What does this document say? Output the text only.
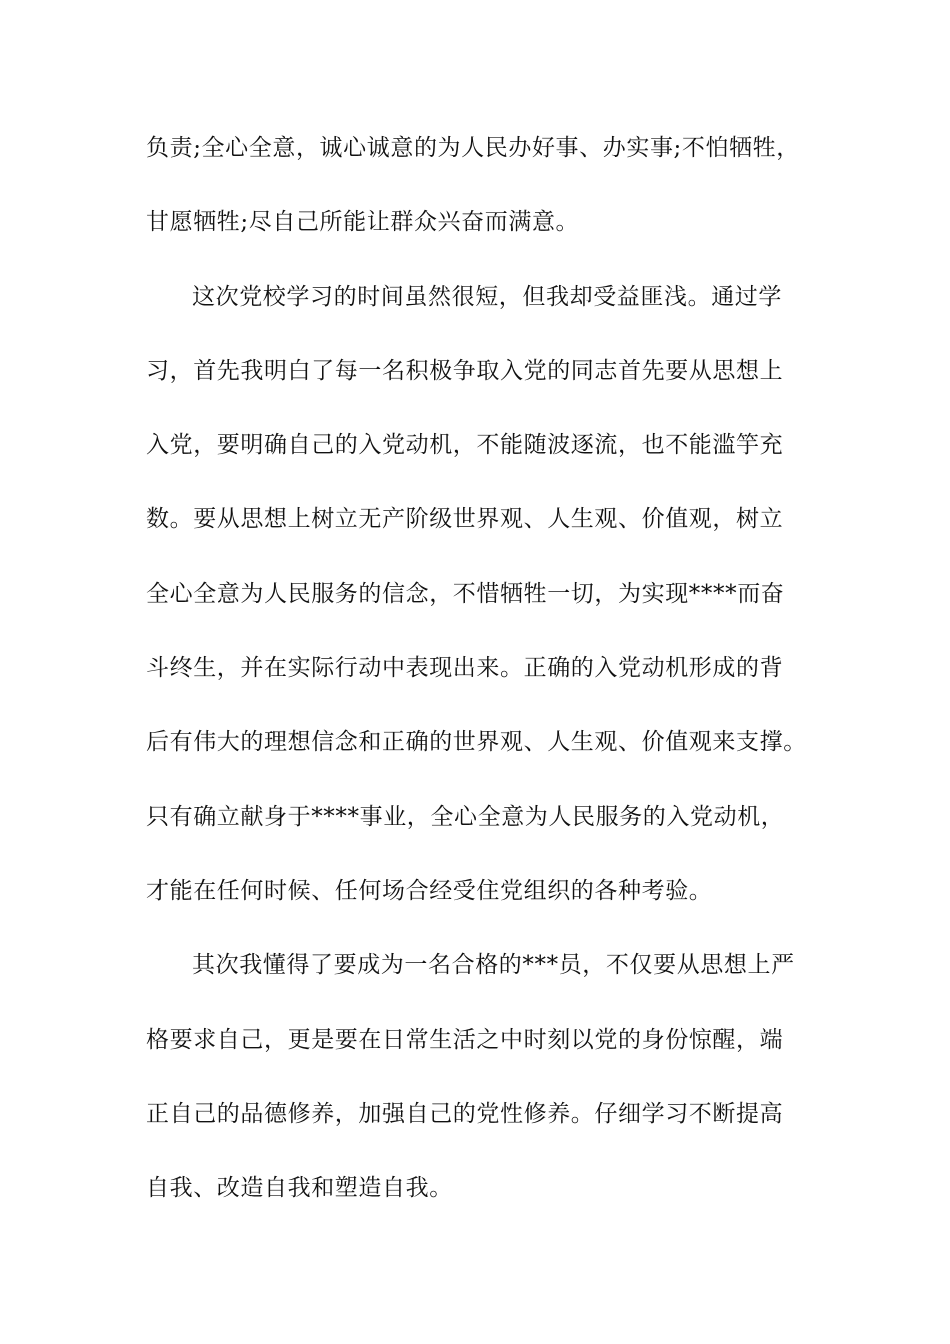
负责;全心全意，诚心诚意的为人民办好事、办实事;不怕牺牲，
甘愿牺牲;尽自己所能让群众兴奋而满意。
这次党校学习的时间虽然很短，但我却受益匪浅。通过学
习，首先我明白了每一名积极争取入党的同志首先要从思想上
入党，要明确自己的入党动机，不能随波逐流，也不能滥竽充
数。要从思想上树立无产阶级世界观、人生观、价值观，树立
全心全意为人民服务的信念，不惜牺牲一切，为实现****而奋
斗终生，并在实际行动中表现出来。正确的入党动机形成的背
后有伟大的理想信念和正确的世界观、人生观、价值观来支撑。
只有确立献身于****事业，全心全意为人民服务的入党动机，
才能在任何时候、任何场合经受住党组织的各种考验。
其次我懂得了要成为一名合格的***员，不仅要从思想上严
格要求自己，更是要在日常生活之中时刻以党的身份惊醒，端
正自己的品德修养，加强自己的党性修养。仔细学习不断提高
自我、改造自我和塑造自我。
